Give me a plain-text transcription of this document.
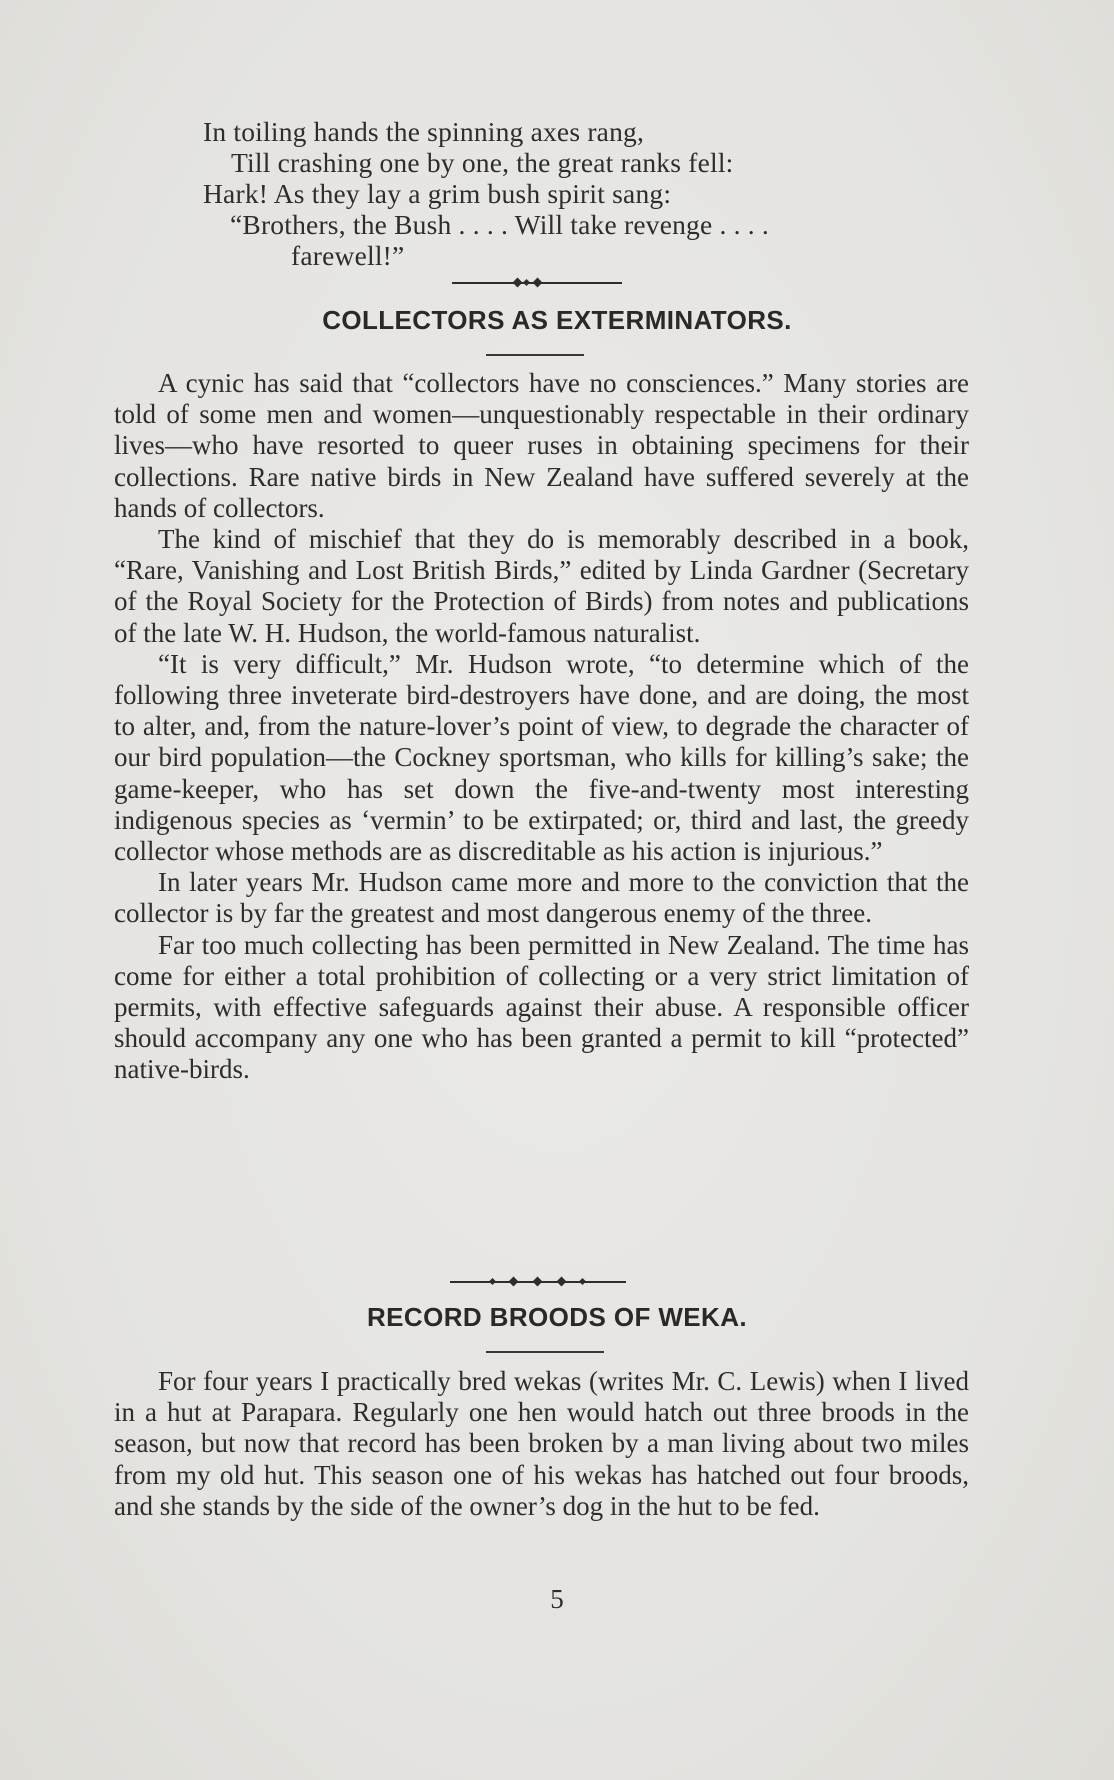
In toiling hands the spinning axes rang,
Till crashing one by one, the great ranks fell:
Hark! As they lay a grim bush spirit sang:
“Brothers, the Bush . . . . Will take revenge . . . .
farewell!”
COLLECTORS AS EXTERMINATORS.

A cynic has said that “collectors have no consciences.” Many stories are told of some men and women—unquestionably respectable in their ordinary lives—who have resorted to queer ruses in obtaining specimens for their collections. Rare native birds in New Zealand have suffered severely at the hands of collectors.

The kind of mischief that they do is memorably described in a book, “Rare, Vanishing and Lost British Birds,” edited by Linda Gardner (Secretary of the Royal Society for the Protection of Birds) from notes and publications of the late W. H. Hudson, the world-famous naturalist.

“It is very difficult,” Mr. Hudson wrote, “to determine which of the following three inveterate bird-destroyers have done, and are doing, the most to alter, and, from the nature-lover’s point of view, to degrade the character of our bird population—the Cockney sportsman, who kills for killing’s sake; the game-keeper, who has set down the five-and-twenty most interesting indigenous species as ‘vermin’ to be extirpated; or, third and last, the greedy collector whose methods are as discreditable as his action is injurious.”

In later years Mr. Hudson came more and more to the conviction that the collector is by far the greatest and most dangerous enemy of the three.

Far too much collecting has been permitted in New Zealand. The time has come for either a total prohibition of collecting or a very strict limitation of permits, with effective safeguards against their abuse. A responsible officer should accompany any one who has been granted a permit to kill “protected” native-birds.

RECORD BROODS OF WEKA.

For four years I practically bred wekas (writes Mr. C. Lewis) when I lived in a hut at Parapara. Regularly one hen would hatch out three broods in the season, but now that record has been broken by a man living about two miles from my old hut. This season one of his wekas has hatched out four broods, and she stands by the side of the owner’s dog in the hut to be fed.

5
